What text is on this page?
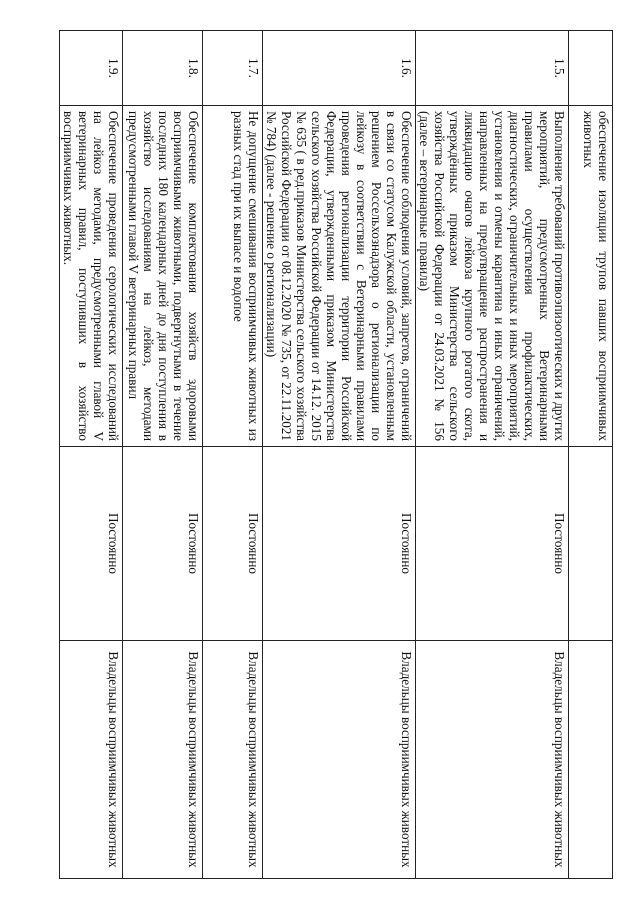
	обеспечение изоляции трупов павших восприимчивых животных		
1.5.	Выполнение требований противоэпизоотических и других мероприятий, предусмотренных Ветеринарными правилами осуществления профилактических, диагностических, ограничительных и иных мероприятий, установления и отмены карантина и иных ограничений, направленных на предотвращение распространения и ликвидацию очагов лейкоза крупного рогатого скота, утверждённых приказом Министерства сельского хозяйства Российской Федерации от 24.03.2021 № 156 (далее – ветеринарные правила)	Постоянно	Владельцы восприимчивых животных
1.6.	Обеспечение соблюдения условий, запретов, ограничений в связи со статусом Калужской области, установленным решением Россельхознадзора о регионализации по лейкозу в соответствии с Ветеринарными правилами проведения регионализации территории Российской Федерации, утвержденными приказом Министерства сельского хозяйства Российской Федерации от 14.12. 2015 № 635 ( в ред.приказов Министерства сельского хозяйства Российской Федерации от 08.12.2020 № 735, от 22.11.2021 № 784) (далее - решение о регионализации)	Постоянно	Владельцы восприимчивых животных
1.7.	Не допущение смешивания восприимчивых животных из разных стад при их выпасе и водопое	Постоянно	Владельцы восприимчивых животных
1.8.	Обеспечение комплектования хозяйств здоровыми восприимчивыми животными, подвергнутыми в течение последних 180 календарных дней до дня поступления в хозяйство исследованиям на лейкоз, методами предусмотренными главой V ветеринарных правил	Постоянно	Владельцы восприимчивых животных
1.9.	Обеспечение проведения серологических исследований на лейкоз методами, предусмотренными главой V ветеринарных правил, поступивших в хозяйство восприимчивых животных.	Постоянно	Владельцы восприимчивых животных
